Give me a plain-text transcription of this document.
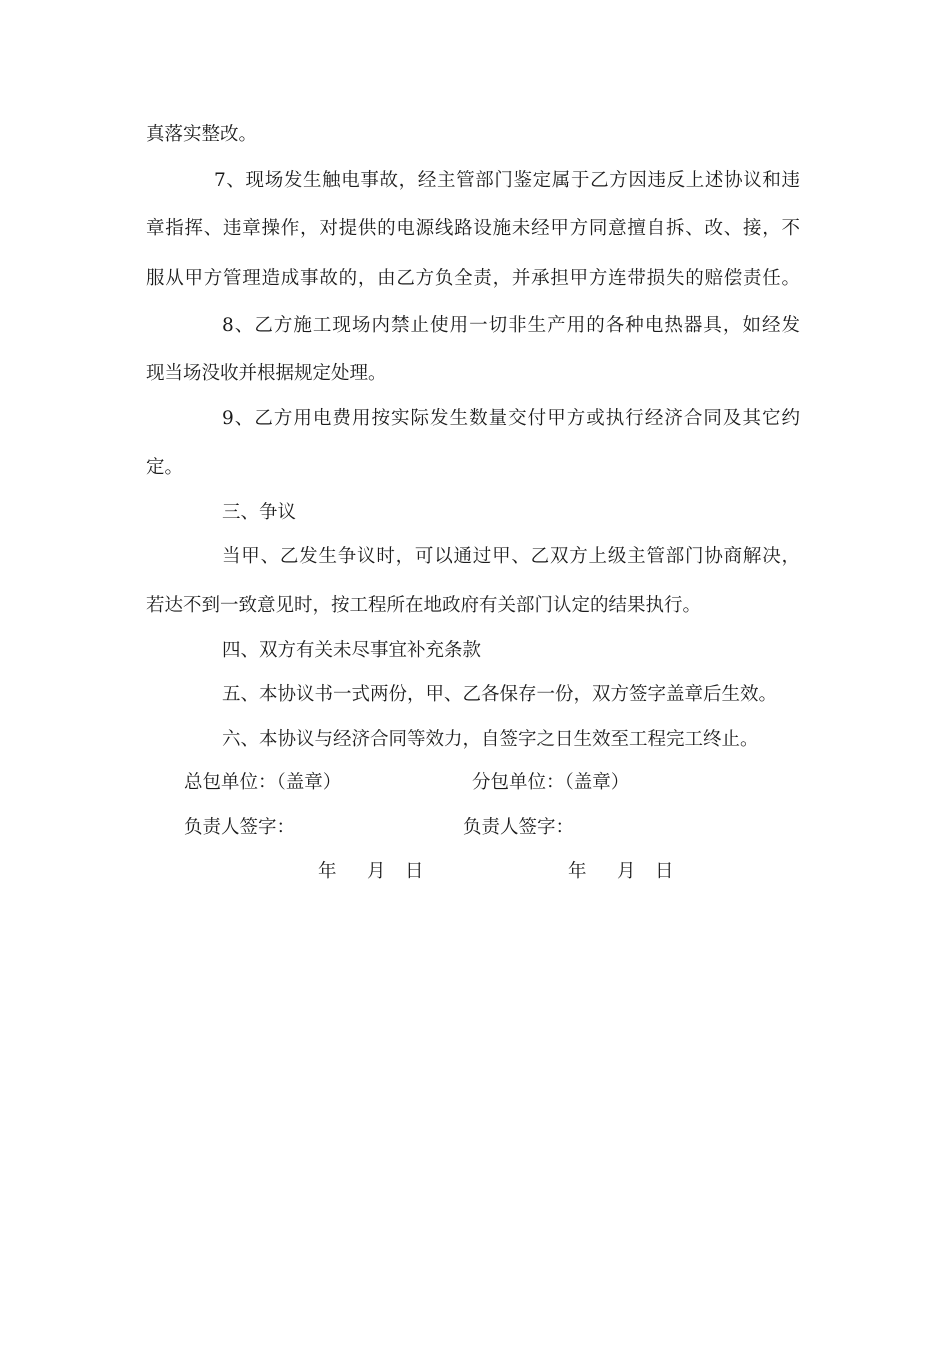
真落实整改。

7、现场发生触电事故，经主管部门鉴定属于乙方因违反上述协议和违

章指挥、违章操作，对提供的电源线路设施未经甲方同意擅自拆、改、接，不

服从甲方管理造成事故的，由乙方负全责，并承担甲方连带损失的赔偿责任。

8、乙方施工现场内禁止使用一切非生产用的各种电热器具，如经发

现当场没收并根据规定处理。

9、乙方用电费用按实际发生数量交付甲方或执行经济合同及其它约

定。

三、争议

当甲、乙发生争议时，可以通过甲、乙双方上级主管部门协商解决，

若达不到一致意见时，按工程所在地政府有关部门认定的结果执行。

四、双方有关未尽事宜补充条款

五、本协议书一式两份，甲、乙各保存一份，双方签字盖章后生效。

六、本协议与经济合同等效力，自签字之日生效至工程完工终止。

总包单位：（盖章）	分包单位：（盖章）

负责人签字：	负责人签字：

年 月 日	年 月 日
